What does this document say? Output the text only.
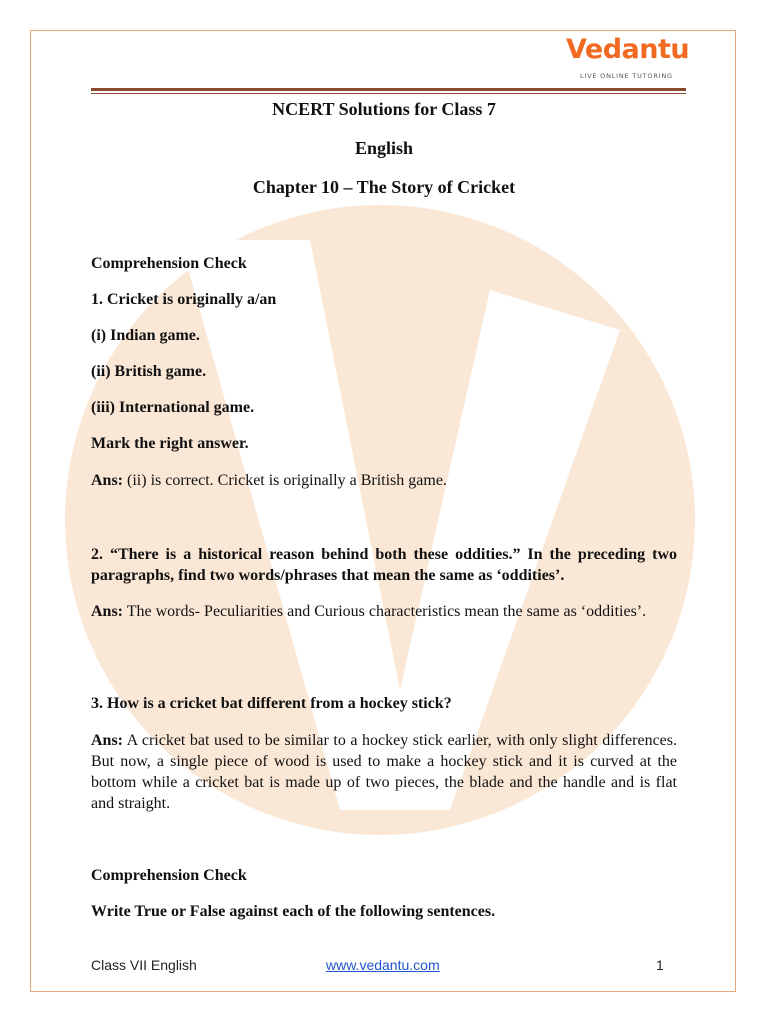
Vedantu
LIVE ONLINE TUTORING
NCERT Solutions for Class 7
English
Chapter 10 – The Story of Cricket
Comprehension Check
1. Cricket is originally a/an
(i) Indian game.
(ii) British game.
(iii) International game.
Mark the right answer.
Ans: (ii) is correct. Cricket is originally a British game.
2. “There is a historical reason behind both these oddities.” In the preceding two paragraphs, find two words/phrases that mean the same as ‘oddities’.
Ans: The words- Peculiarities and Curious characteristics mean the same as ‘oddities’.
3. How is a cricket bat different from a hockey stick?
Ans: A cricket bat used to be similar to a hockey stick earlier, with only slight differences. But now, a single piece of wood is used to make a hockey stick and it is curved at the bottom while a cricket bat is made up of two pieces, the blade and the handle and is flat and straight.
Comprehension Check
Write True or False against each of the following sentences.
Class VII English	www.vedantu.com	1
